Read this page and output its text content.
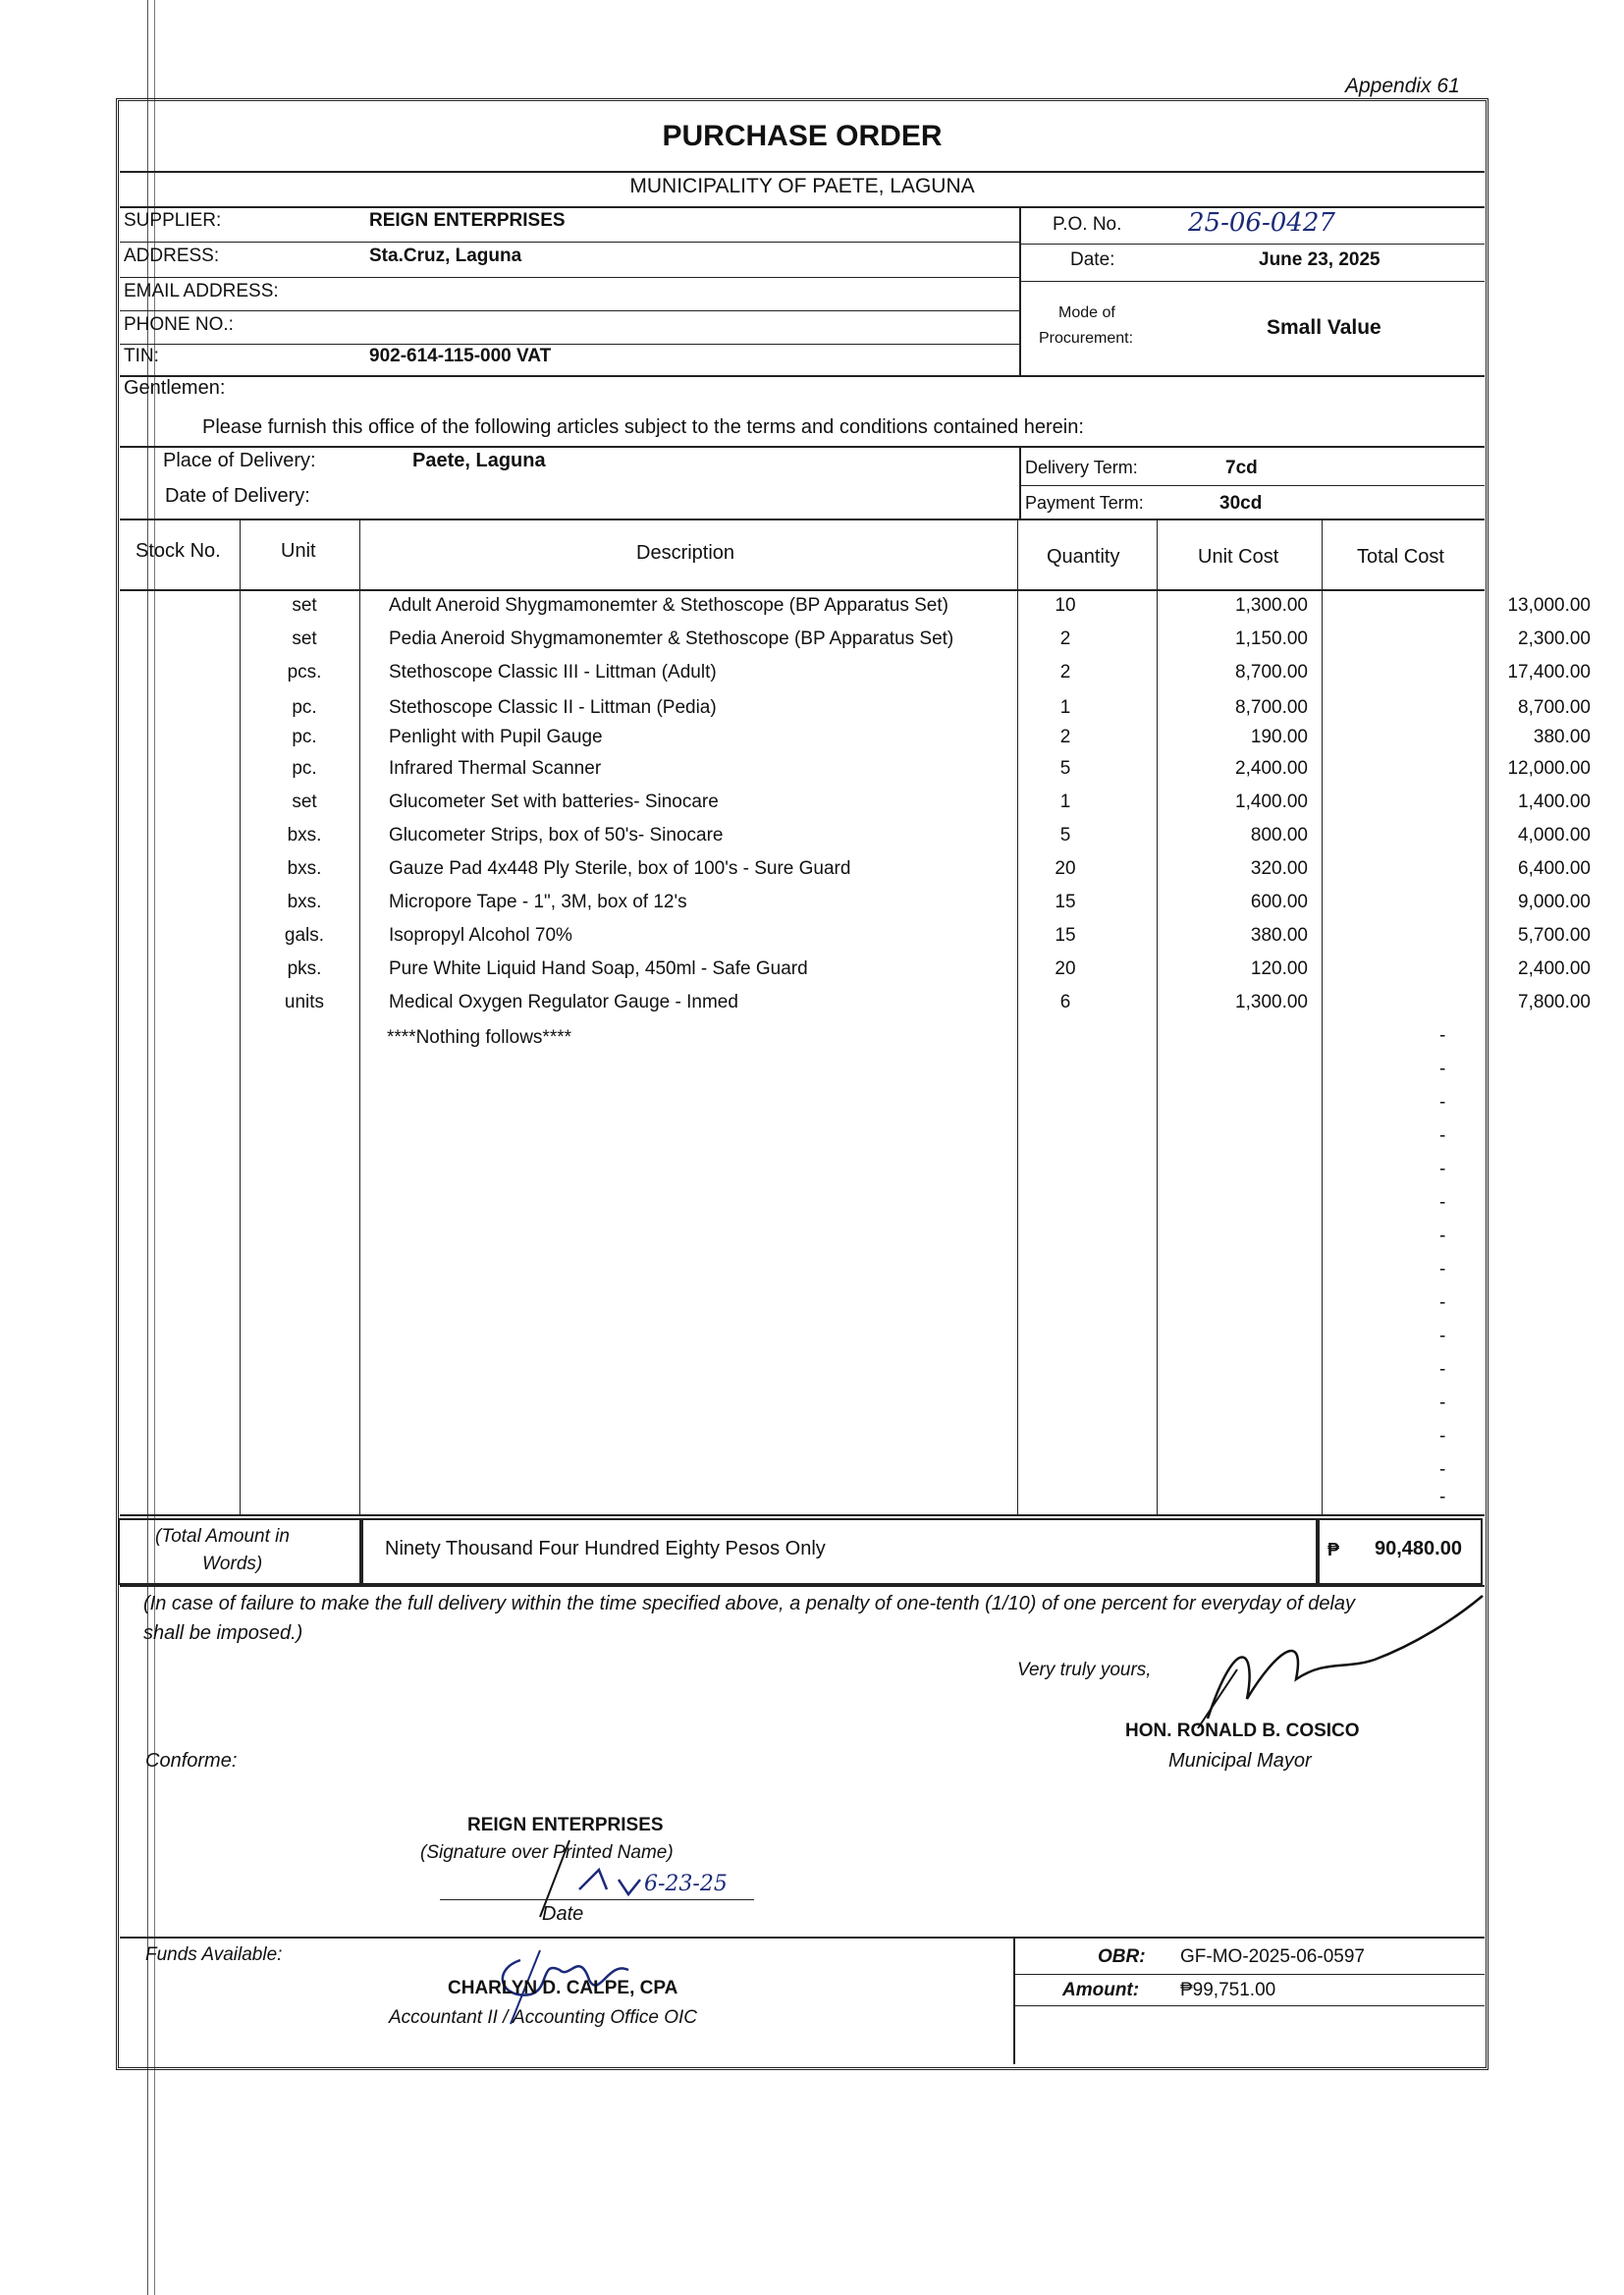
Appendix 61
PURCHASE ORDER
MUNICIPALITY OF PAETE, LAGUNA
SUPPLIER:	REIGN ENTERPRISES
ADDRESS:	Sta.Cruz, Laguna
EMAIL ADDRESS:
PHONE NO.:
TIN:	902-614-115-000 VAT
P.O. No.	25-06-0427
Date:	June 23, 2025
Mode of
Procurement:	Small Value
Gentlemen:
Please furnish this office of the following articles subject to the terms and conditions contained herein:
Place of Delivery:	Paete, Laguna
Date of Delivery:
Delivery Term:	7cd
Payment Term:	30cd
Stock No.	Unit	Description	Quantity	Unit Cost	Total Cost
set	Adult Aneroid Shygmamonemter & Stethoscope (BP Apparatus Set)	10	1,300.00	13,000.00
set	Pedia Aneroid Shygmamonemter & Stethoscope (BP Apparatus Set)	2	1,150.00	2,300.00
pcs.	Stethoscope Classic III - Littman (Adult)	2	8,700.00	17,400.00
pc.	Stethoscope Classic II - Littman (Pedia)	1	8,700.00	8,700.00
pc.	Penlight with Pupil Gauge	2	190.00	380.00
pc.	Infrared Thermal Scanner	5	2,400.00	12,000.00
set	Glucometer Set with batteries- Sinocare	1	1,400.00	1,400.00
bxs.	Glucometer Strips, box of 50's- Sinocare	5	800.00	4,000.00
bxs.	Gauze Pad 4x448 Ply Sterile, box of 100's - Sure Guard	20	320.00	6,400.00
bxs.	Micropore Tape - 1", 3M, box of 12's	15	600.00	9,000.00
gals.	Isopropyl Alcohol 70%	15	380.00	5,700.00
pks.	Pure White Liquid Hand Soap, 450ml - Safe Guard	20	120.00	2,400.00
units	Medical Oxygen Regulator Gauge - Inmed	6	1,300.00	7,800.00
****Nothing follows****	-
-
-
-
-
-
-
-
-
-
-
-
-
-
-
(Total Amount in
Words)
Ninety Thousand Four Hundred Eighty Pesos Only	₱ 90,480.00
(In case of failure to make the full delivery within the time specified above, a penalty of one-tenth (1/10) of one percent for everyday of delay
shall be imposed.)
Very truly yours,
HON. RONALD B. COSICO
Municipal Mayor
Conforme:
REIGN ENTERPRISES
(Signature over Printed Name)
6-23-25
Date
Funds Available:
CHARLYN D. CALPE, CPA
Accountant II / Accounting Office OIC
OBR: GF-MO-2025-06-0597
Amount: ₱99,751.00
